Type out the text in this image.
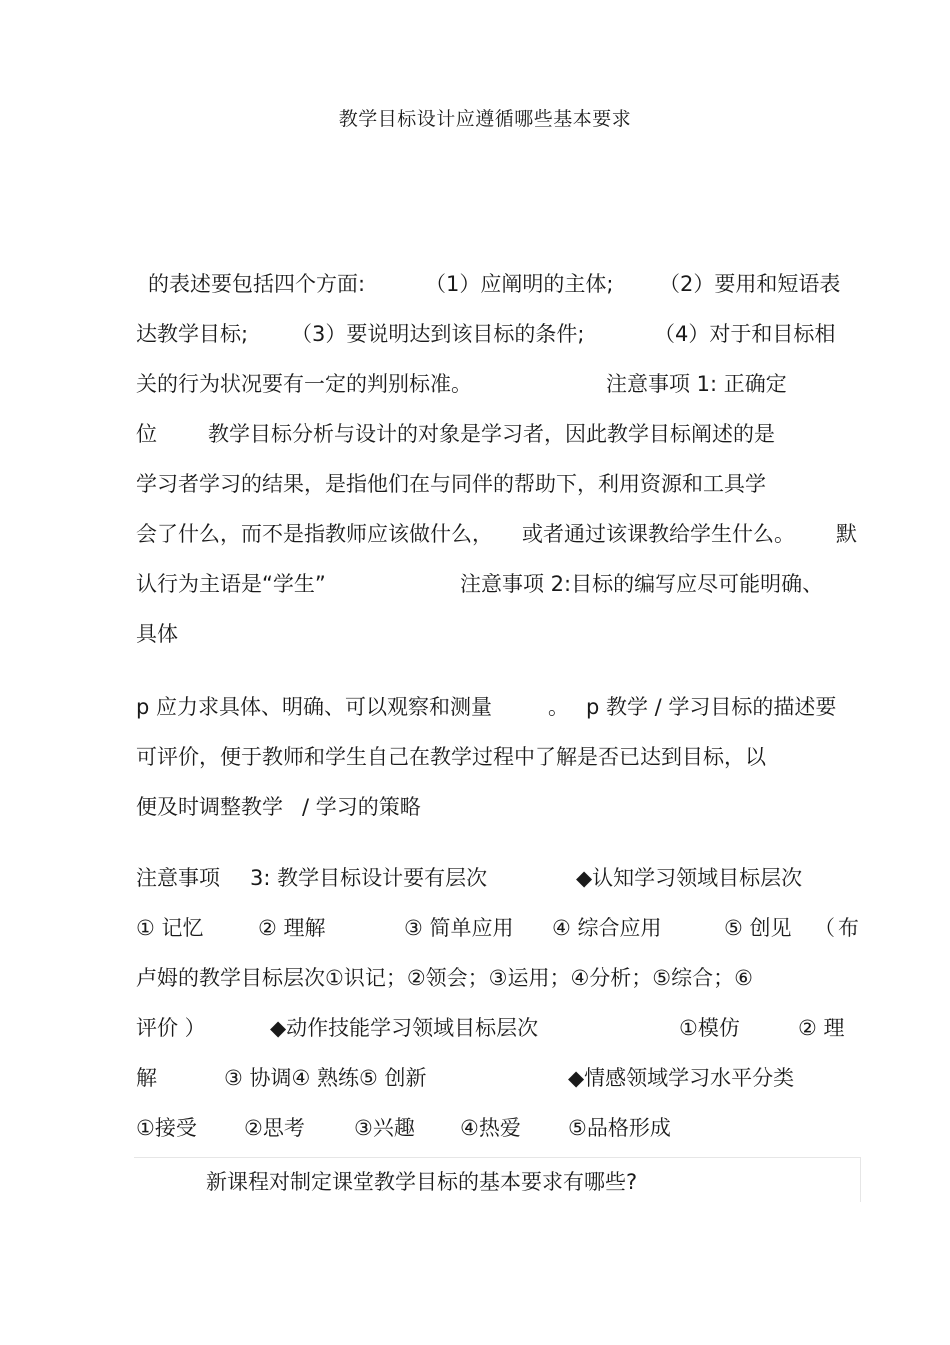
教学目标设计应遵循哪些基本要求
的表述要包括四个方面:	（1）应阐明的主体; （2）要用和短语表
达教学目标; （3）要说明达到该目标的条件;	（4）对于和目标相
关的行为状况要有一定的判别标准。	注意事项 1: 正确定
位 教学目标分析与设计的对象是学习者，因此教学目标阐述的是
学习者学习的结果，是指他们在与同伴的帮助下，利用资源和工具学
会了什么，而不是指教师应该做什么， 或者通过该课教给学生什么。 默
认行为主语是“学生”	注意事项 2:目标的编写应尽可能明确、
具体
p 应力求具体、明确、可以观察和测量	。 p 教学 / 学习目标的描述要
可评价，便于教师和学生自己在教学过程中了解是否已达到目标，以
便及时调整教学 / 学习的策略
注意事项 3: 教学目标设计要有层次	◆认知学习领域目标层次
① 记忆	② 理解	③ 简单应用 ④ 综合应用	⑤ 创见 （ 布
卢姆的教学目标层次①识记；②领会；③运用；④分析；⑤综合；⑥
评价 ）	◆动作技能学习领域目标层次	①模仿	② 理
解	③ 协调④ 熟练⑤ 创新	◆情感领域学习水平分类
①接受 ②思考 ③兴趣 ④热爱 ⑤品格形成
新课程对制定课堂教学目标的基本要求有哪些?
